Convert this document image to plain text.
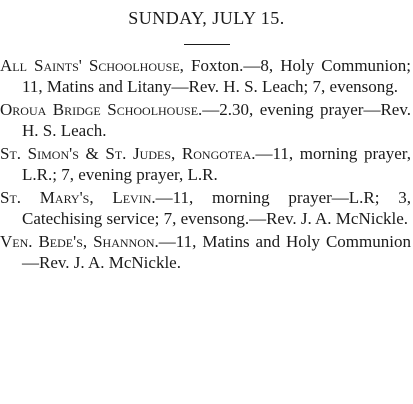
SUNDAY, JULY 15.

All Saints' Schoolhouse, Foxton.—8, Holy Communion; 11, Matins and Litany—Rev. H. S. Leach; 7, evensong.

Oroua Bridge Schoolhouse.—2.30, evening prayer—Rev. H. S. Leach.

St. Simon's & St. Judes, Rongotea.—11, morning prayer, L.R.; 7, evening prayer, L.R.

St. Mary's, Levin.—11, morning prayer—L.R; 3, Catechising service; 7, evensong.—Rev. J. A. McNickle.

Ven. Bede's, Shannon.—11, Matins and Holy Communion—Rev. J. A. McNickle.
